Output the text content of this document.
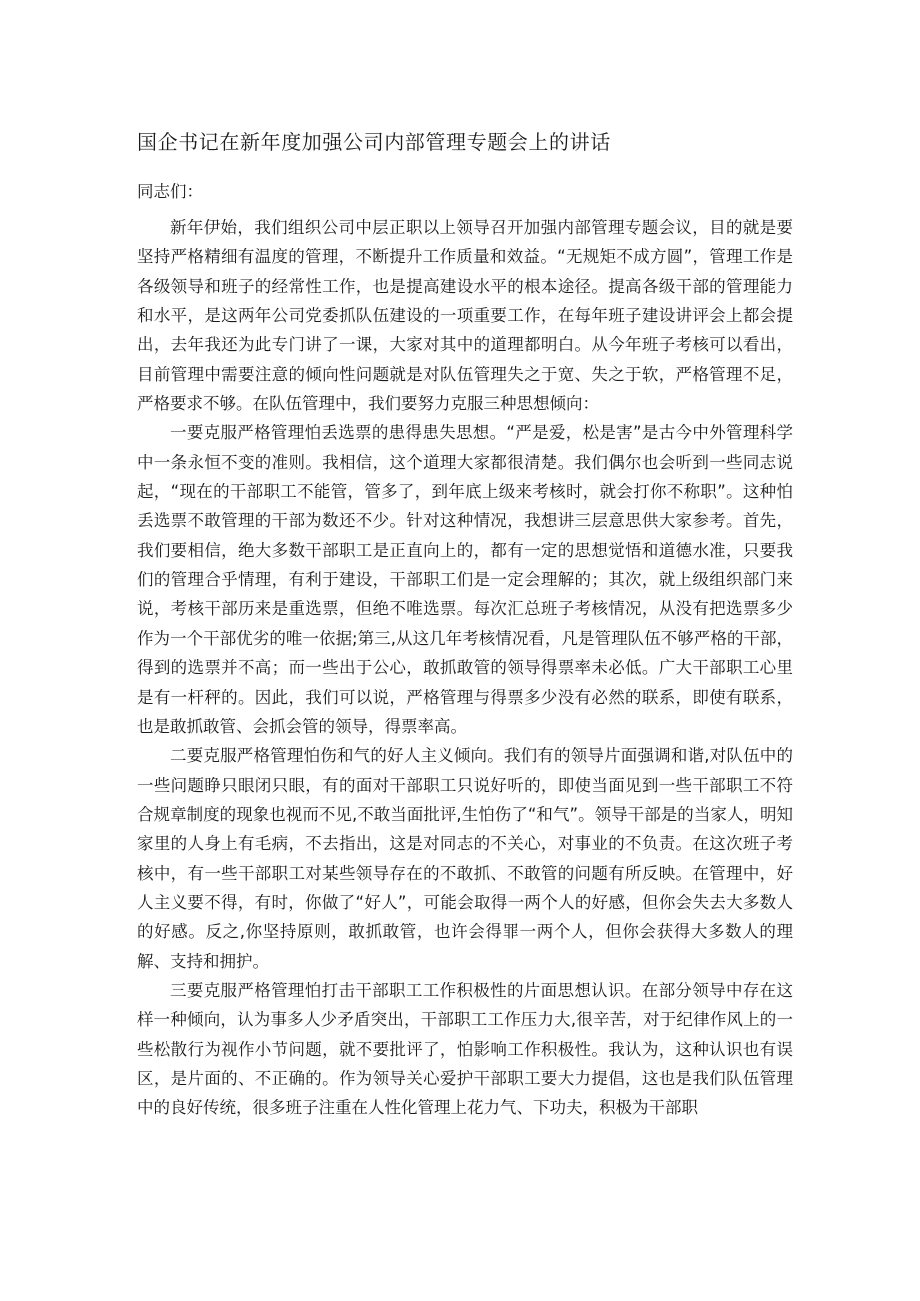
国企书记在新年度加强公司内部管理专题会上的讲话

同志们：

新年伊始，我们组织公司中层正职以上领导召开加强内部管理专题会议，目的就是要坚持严格精细有温度的管理，不断提升工作质量和效益。“无规矩不成方圆”，管理工作是各级领导和班子的经常性工作，也是提高建设水平的根本途径。提高各级干部的管理能力和水平，是这两年公司党委抓队伍建设的一项重要工作，在每年班子建设讲评会上都会提出，去年我还为此专门讲了一课，大家对其中的道理都明白。从今年班子考核可以看出，目前管理中需要注意的倾向性问题就是对队伍管理失之于宽、失之于软，严格管理不足，严格要求不够。在队伍管理中，我们要努力克服三种思想倾向：

一要克服严格管理怕丢选票的患得患失思想。“严是爱，松是害”是古今中外管理科学中一条永恒不变的准则。我相信，这个道理大家都很清楚。我们偶尔也会听到一些同志说起，“现在的干部职工不能管，管多了，到年底上级来考核时，就会打你不称职”。这种怕丢选票不敢管理的干部为数还不少。针对这种情况，我想讲三层意思供大家参考。首先，我们要相信，绝大多数干部职工是正直向上的，都有一定的思想觉悟和道德水准，只要我们的管理合乎情理，有利于建设，干部职工们是一定会理解的；其次，就上级组织部门来说，考核干部历来是重选票，但绝不唯选票。每次汇总班子考核情况，从没有把选票多少作为一个干部优劣的唯一依据;第三,从这几年考核情况看，凡是管理队伍不够严格的干部，得到的选票并不高；而一些出于公心，敢抓敢管的领导得票率未必低。广大干部职工心里是有一杆秤的。因此，我们可以说，严格管理与得票多少没有必然的联系，即使有联系，也是敢抓敢管、会抓会管的领导，得票率高。

二要克服严格管理怕伤和气的好人主义倾向。我们有的领导片面强调和谐,对队伍中的一些问题睁只眼闭只眼，有的面对干部职工只说好听的，即使当面见到一些干部职工不符合规章制度的现象也视而不见,不敢当面批评,生怕伤了“和气”。领导干部是的当家人，明知家里的人身上有毛病，不去指出，这是对同志的不关心，对事业的不负责。在这次班子考核中，有一些干部职工对某些领导存在的不敢抓、不敢管的问题有所反映。在管理中，好人主义要不得，有时，你做了“好人”，可能会取得一两个人的好感，但你会失去大多数人的好感。反之,你坚持原则，敢抓敢管，也许会得罪一两个人，但你会获得大多数人的理解、支持和拥护。

三要克服严格管理怕打击干部职工工作积极性的片面思想认识。在部分领导中存在这样一种倾向，认为事多人少矛盾突出，干部职工工作压力大,很辛苦，对于纪律作风上的一些松散行为视作小节问题，就不要批评了，怕影响工作积极性。我认为，这种认识也有误区，是片面的、不正确的。作为领导关心爱护干部职工要大力提倡，这也是我们队伍管理中的良好传统，很多班子注重在人性化管理上花力气、下功夫，积极为干部职
